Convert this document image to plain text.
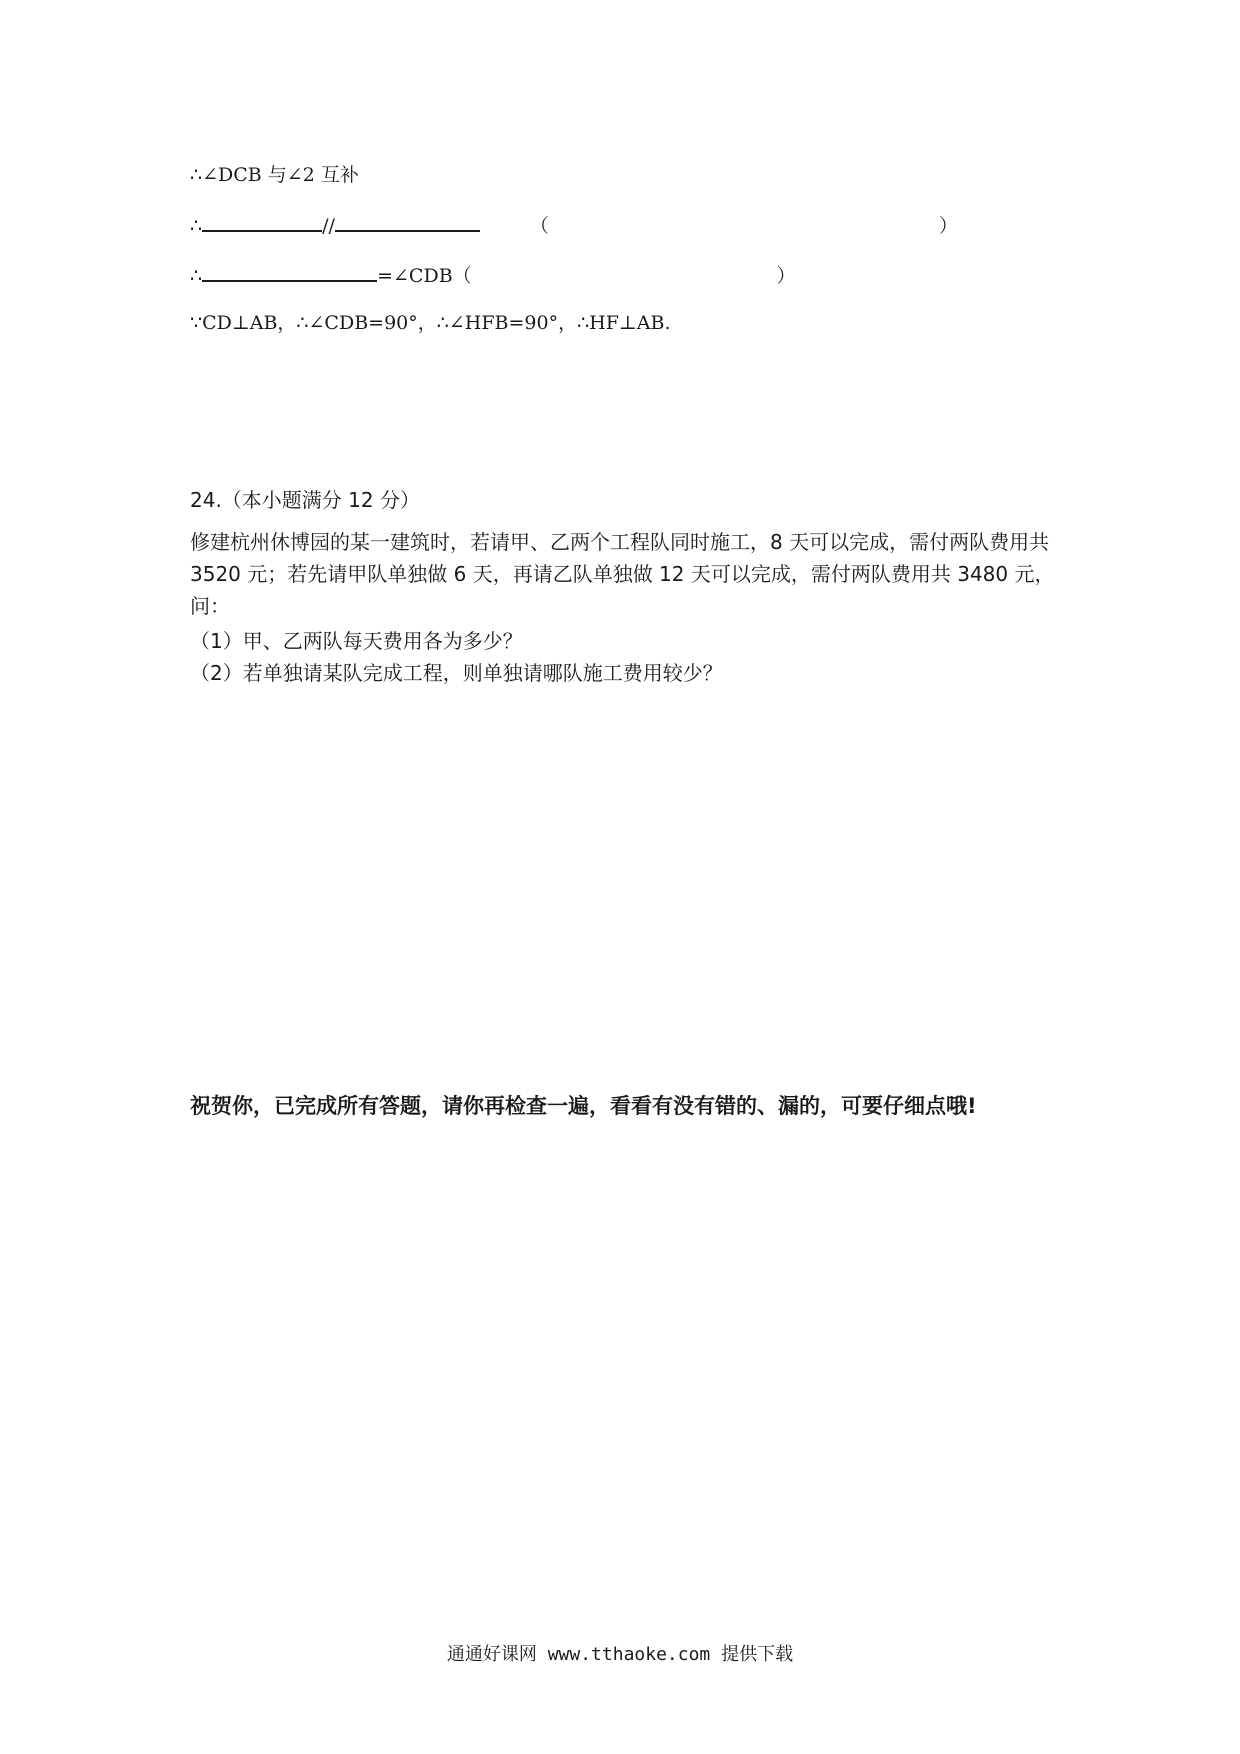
∴∠DCB 与∠2 互补
∴	//	（	）
∴	=∠CDB（	）
∵CD⊥AB，∴∠CDB=90°，∴∠HFB=90°，∴HF⊥AB.
24.（本小题满分 12 分）
修建杭州休博园的某一建筑时，若请甲、乙两个工程队同时施工，8 天可以完成，需付两队费用共 3520 元；若先请甲队单独做 6 天，再请乙队单独做 12 天可以完成，需付两队费用共 3480 元，问：
（1）甲、乙两队每天费用各为多少？
（2）若单独请某队完成工程，则单独请哪队施工费用较少？
祝贺你，已完成所有答题，请你再检查一遍，看看有没有错的、漏的，可要仔细点哦!
通通好课网 www.tthaoke.com 提供下载
